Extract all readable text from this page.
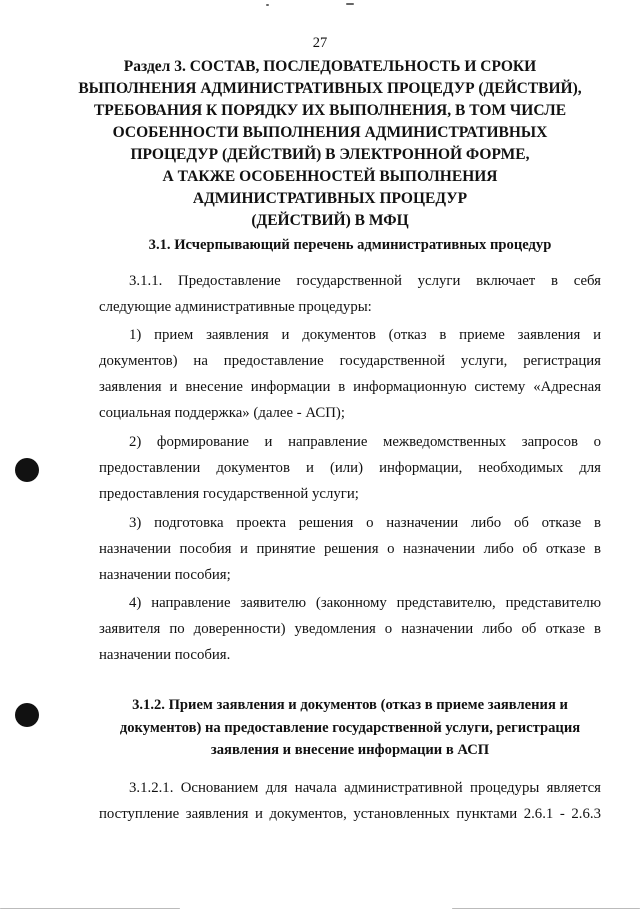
27
Раздел 3. СОСТАВ, ПОСЛЕДОВАТЕЛЬНОСТЬ И СРОКИ
ВЫПОЛНЕНИЯ АДМИНИСТРАТИВНЫХ ПРОЦЕДУР (ДЕЙСТВИЙ),
ТРЕБОВАНИЯ К ПОРЯДКУ ИХ ВЫПОЛНЕНИЯ, В ТОМ ЧИСЛЕ
ОСОБЕННОСТИ ВЫПОЛНЕНИЯ АДМИНИСТРАТИВНЫХ
ПРОЦЕДУР (ДЕЙСТВИЙ) В ЭЛЕКТРОННОЙ ФОРМЕ,
А ТАКЖЕ ОСОБЕННОСТЕЙ ВЫПОЛНЕНИЯ
АДМИНИСТРАТИВНЫХ ПРОЦЕДУР
(ДЕЙСТВИЙ) В МФЦ
3.1. Исчерпывающий перечень административных процедур
3.1.1. Предоставление государственной услуги включает в себя
следующие административные процедуры:
1) прием заявления и документов (отказ в приеме заявления и
документов) на предоставление государственной услуги, регистрация
заявления и внесение информации в информационную систему «Адресная
социальная поддержка» (далее - АСП);
2) формирование и направление межведомственных запросов о
предоставлении документов и (или) информации, необходимых для
предоставления государственной услуги;
3) подготовка проекта решения о назначении либо об отказе в
назначении пособия и принятие решения о назначении либо об отказе в
назначении пособия;
4) направление заявителю (законному представителю, представителю
заявителя по доверенности) уведомления о назначении либо об отказе в
назначении пособия.
3.1.2. Прием заявления и документов (отказ в приеме заявления и
документов) на предоставление государственной услуги, регистрация
заявления и внесение информации в АСП
3.1.2.1. Основанием для начала административной процедуры является
поступление заявления и документов, установленных пунктами 2.6.1 - 2.6.3
